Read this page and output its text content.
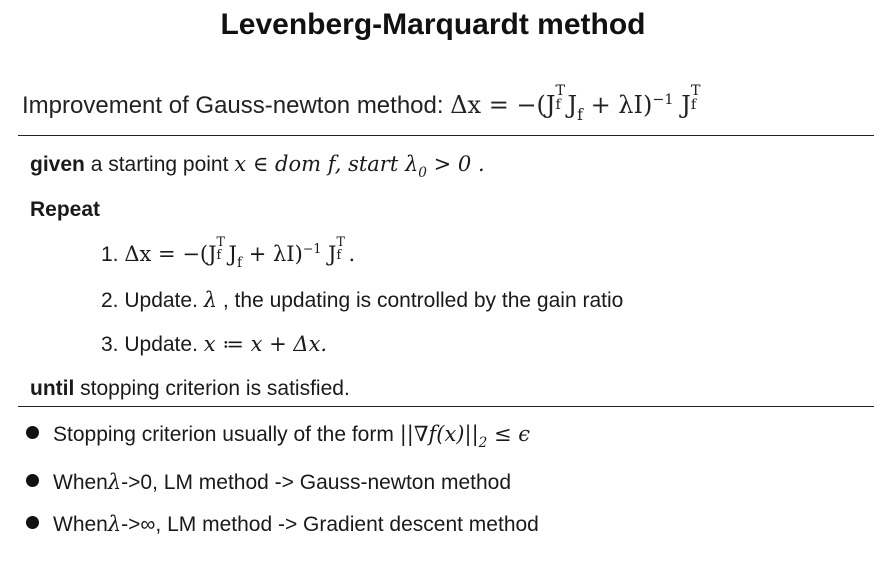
Levenberg-Marquardt method
Improvement of Gauss-newton method: Δx = −(J
T
f $J_f + \lambda I)^{-1}$ J
T
f
given a starting point x ∈ dom f, start $\lambda_0 > 0$ .
Repeat
1. Δx = −(J
T
f $J_f + \lambda I)^{-1}$ J
T
f .
2. Update. λ , the updating is controlled by the gain ratio
3. Update. x ≔ x + Δx.
until stopping criterion is satisfied.
Stopping criterion usually of the form $||\nabla f(x)||_2 \le \epsilon$
Whenλ->0, LM method -> Gauss-newton method
Whenλ->∞, LM method -> Gradient descent method
